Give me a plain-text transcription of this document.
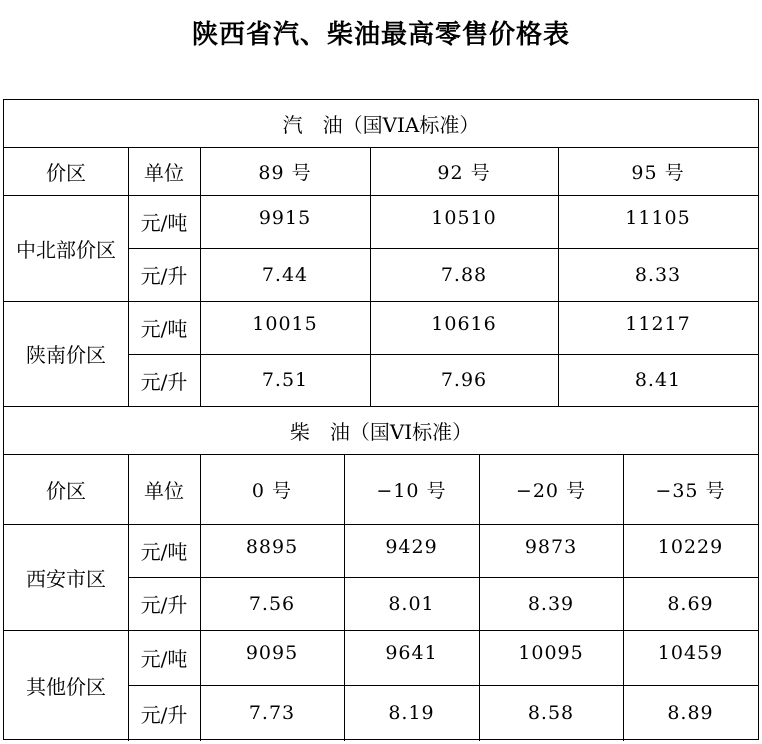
陕西省汽、柴油最高零售价格表
汽　油（国VIA标准）
价区	单位	89 号	92 号	95 号
中北部价区
元/吨	9915	10510	11105
元/升	7.44	7.88	8.33
陕南价区
元/吨	10015	10616	11217
元/升	7.51	7.96	8.41
柴　油（国VI标准）
价区	单位	0 号	−10 号	−20 号	−35 号
西安市区
元/吨	8895	9429	9873	10229
元/升	7.56	8.01	8.39	8.69
其他价区
元/吨	9095	9641	10095	10459
元/升	7.73	8.19	8.58	8.89
